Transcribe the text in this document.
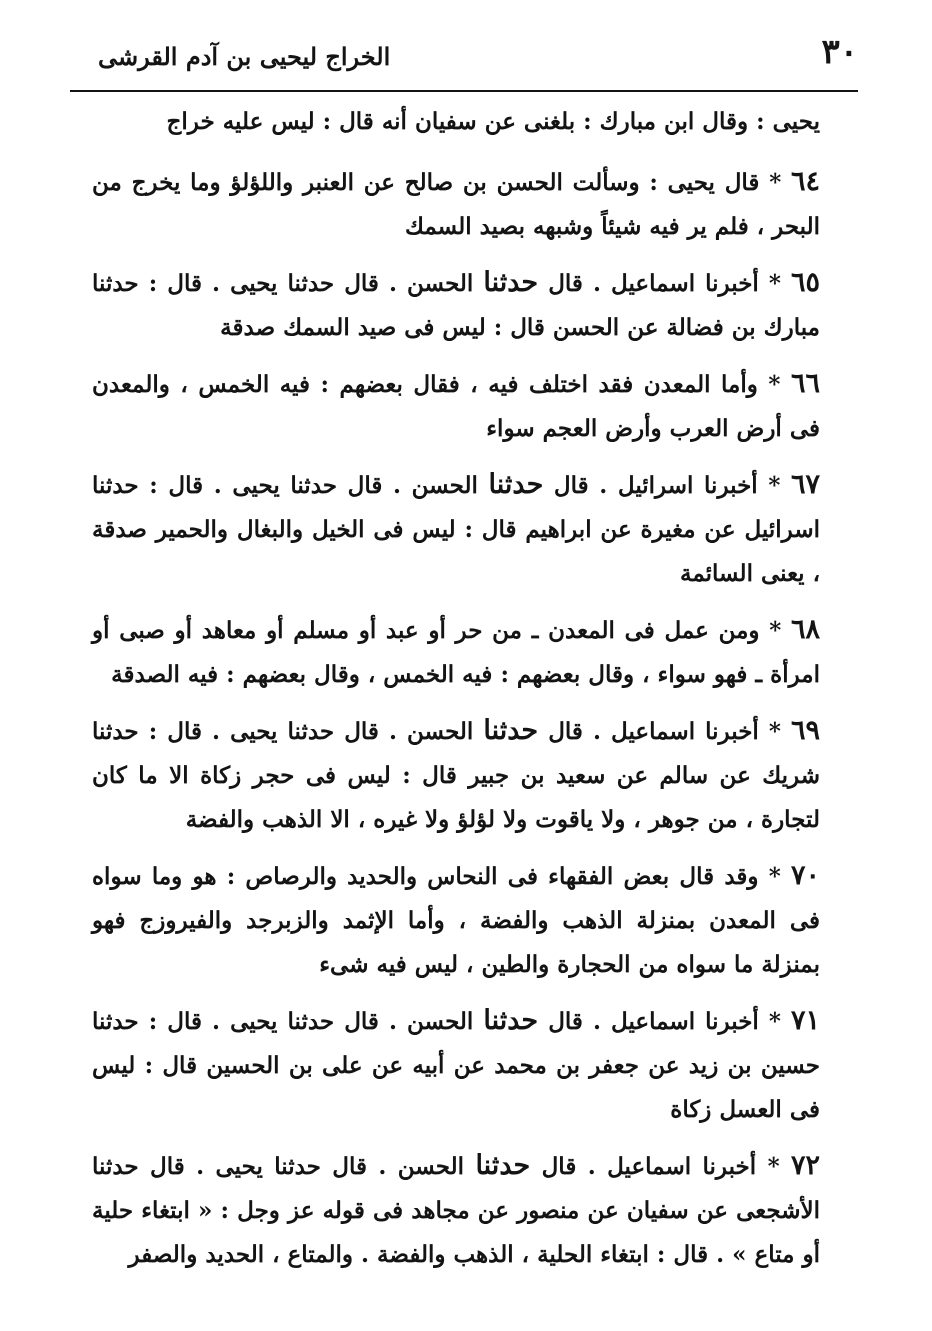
٣٠
الخراج ليحيى بن آدم القرشى

يحيى : وقال ابن مبارك : بلغنى عن سفيان أنه قال : ليس عليه خراج

٦٤ * قال يحيى : وسألت الحسن بن صالح عن العنبر واللؤلؤ وما يخرج من البحر ، فلم ير فيه شيئاً وشبهه بصيد السمك

٦٥ * أخبرنا اسماعيل . قال حدثنا الحسن . قال حدثنا يحيى . قال : حدثنا مبارك بن فضالة عن الحسن قال : ليس فى صيد السمك صدقة

٦٦ * وأما المعدن فقد اختلف فيه ، فقال بعضهم : فيه الخمس ، والمعدن فى أرض العرب وأرض العجم سواء

٦٧ * أخبرنا اسرائيل . قال حدثنا الحسن . قال حدثنا يحيى . قال : حدثنا اسرائيل عن مغيرة عن ابراهيم قال : ليس فى الخيل والبغال والحمير صدقة ، يعنى السائمة

٦٨ * ومن عمل فى المعدن ـ من حر أو عبد أو مسلم أو معاهد أو صبى أو امرأة ـ فهو سواء ، وقال بعضهم : فيه الخمس ، وقال بعضهم : فيه الصدقة

٦٩ * أخبرنا اسماعيل . قال حدثنا الحسن . قال حدثنا يحيى . قال : حدثنا شريك عن سالم عن سعيد بن جبير قال : ليس فى حجر زكاة الا ما كان لتجارة ، من جوهر ، ولا ياقوت ولا لؤلؤ ولا غيره ، الا الذهب والفضة

٧٠ * وقد قال بعض الفقهاء فى النحاس والحديد والرصاص : هو وما سواه فى المعدن بمنزلة الذهب والفضة ، وأما الإثمد والزبرجد والفيروزج فهو بمنزلة ما سواه من الحجارة والطين ، ليس فيه شىء

٧١ * أخبرنا اسماعيل . قال حدثنا الحسن . قال حدثنا يحيى . قال : حدثنا حسين بن زيد عن جعفر بن محمد عن أبيه عن على بن الحسين قال : ليس فى العسل زكاة

٧٢ * أخبرنا اسماعيل . قال حدثنا الحسن . قال حدثنا يحيى . قال حدثنا الأشجعى عن سفيان عن منصور عن مجاهد فى قوله عز وجل : « ابتغاء حلية أو متاع » . قال : ابتغاء الحلية ، الذهب والفضة . والمتاع ، الحديد والصفر
